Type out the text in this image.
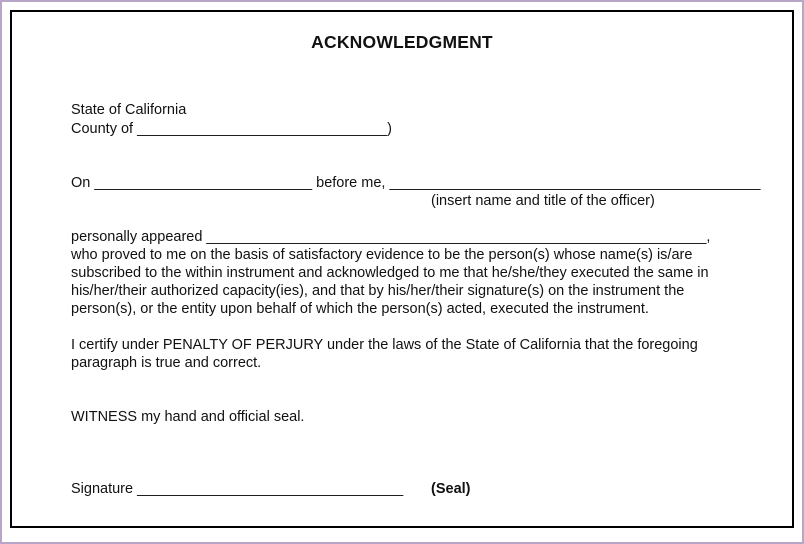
ACKNOWLEDGMENT
State of California
County of _______________________________)
On ___________________________ before me, ______________________________________________
(insert name and title of the officer)
personally appeared ______________________________________________________________,
who proved to me on the basis of satisfactory evidence to be the person(s) whose name(s) is/are
subscribed to the within instrument and acknowledged to me that he/she/they executed the same in
his/her/their authorized capacity(ies), and that by his/her/their signature(s) on the instrument the
person(s), or the entity upon behalf of which the person(s) acted, executed the instrument.
I certify under PENALTY OF PERJURY under the laws of the State of California that the foregoing
paragraph is true and correct.
WITNESS my hand and official seal.
Signature _________________________________ (Seal)
